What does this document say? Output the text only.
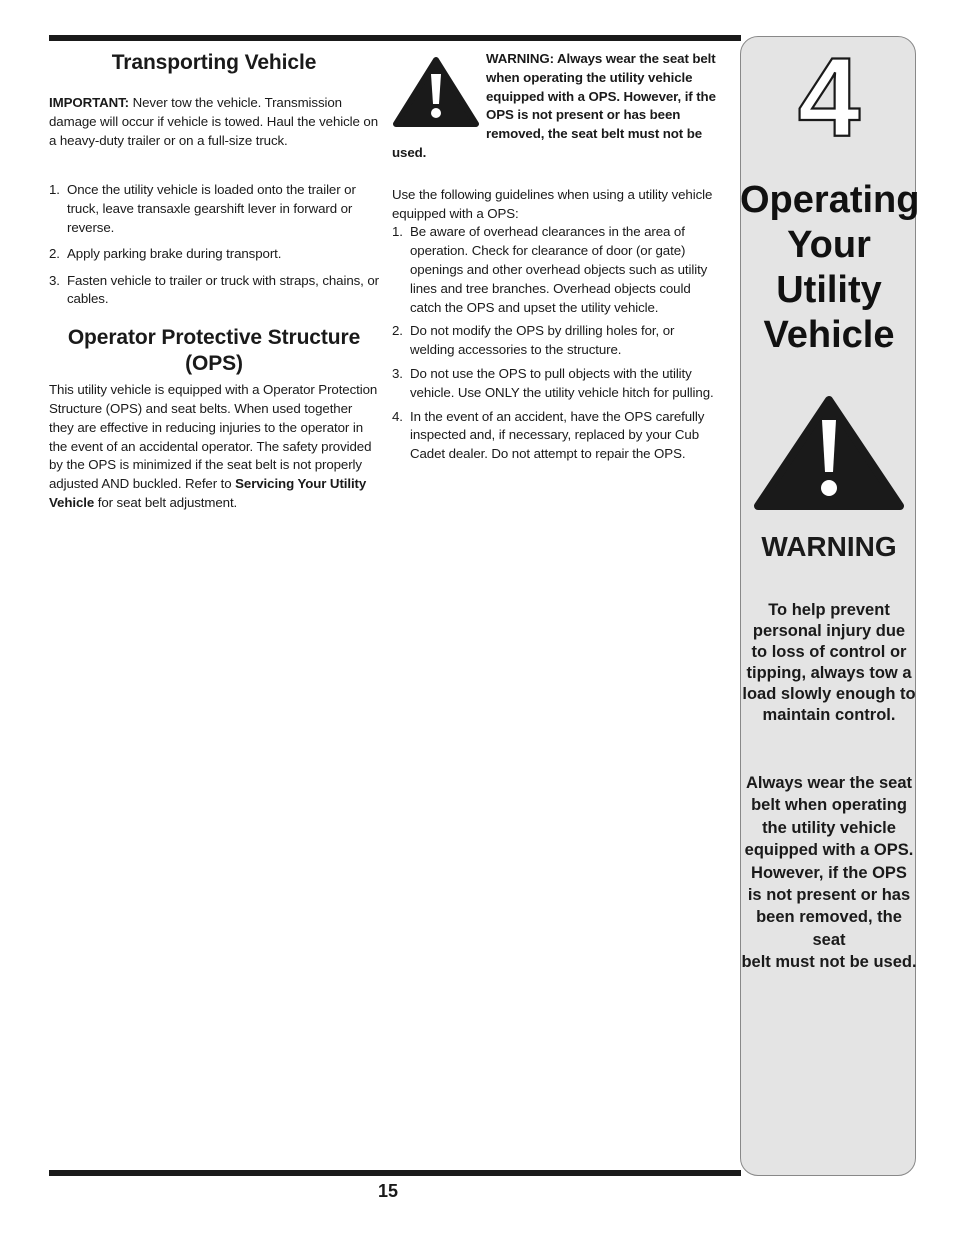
Transporting Vehicle

IMPORTANT: Never tow the vehicle. Transmission damage will occur if vehicle is towed. Haul the vehicle on a heavy-duty trailer or on a full-size truck.

1. Once the utility vehicle is loaded onto the trailer or truck, leave transaxle gearshift lever in forward or reverse.
2. Apply parking brake during transport.
3. Fasten vehicle to trailer or truck with straps, chains, or cables.
Operator Protective Structure (OPS)

This utility vehicle is equipped with a Operator Protection Structure (OPS) and seat belts. When used together they are effective in reducing injuries to the operator in the event of an accidental operator. The safety provided by the OPS is minimized if the seat belt is not properly adjusted AND buckled. Refer to Servicing Your Utility Vehicle for seat belt adjustment.

WARNING: Always wear the seat belt when operating the utility vehicle equipped with a OPS. However, if the OPS is not present or has been removed, the seat belt must not be used.

Use the following guidelines when using a utility vehicle equipped with a OPS:

1. Be aware of overhead clearances in the area of operation. Check for clearance of door (or gate) openings and other overhead objects such as utility lines and tree branches. Overhead objects could catch the OPS and upset the utility vehicle.
2. Do not modify the OPS by drilling holes for, or welding accessories to the structure.
3. Do not use the OPS to pull objects with the utility vehicle. Use ONLY the utility vehicle hitch for pulling.
4. In the event of an accident, have the OPS carefully inspected and, if necessary, replaced by your Cub Cadet dealer. Do not attempt to repair the OPS.
4
Operating
Your
Utility
Vehicle
WARNING
To help prevent
personal injury due
to loss of control or
tipping, always tow a
load slowly enough to
maintain control.
Always wear the seat
belt when operating
the utility vehicle
equipped with a OPS.
However, if the OPS
is not present or has
been removed, the seat
belt must not be used.
15
